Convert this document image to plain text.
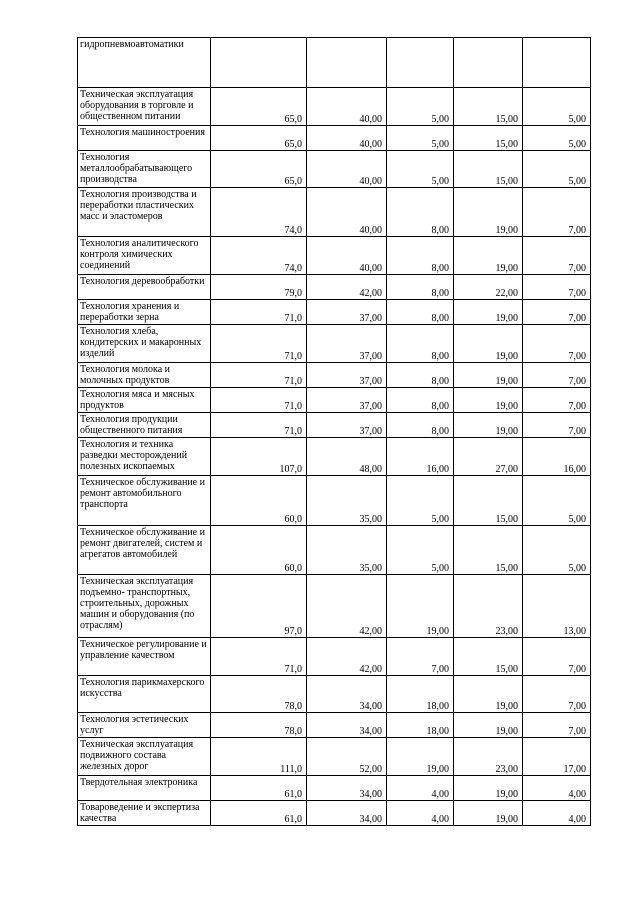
гидропневмоавтоматики					
Техническая эксплуатация оборудования в торговле и общественном питании	65,0	40,00	5,00	15,00	5,00
Технология машиностроения	65,0	40,00	5,00	15,00	5,00
Технология металлообрабатывающего производства	65,0	40,00	5,00	15,00	5,00
Технология производства и переработки пластических масс и эластомеров	74,0	40,00	8,00	19,00	7,00
Технология аналитического контроля химических соединений	74,0	40,00	8,00	19,00	7,00
Технология деревообработки	79,0	42,00	8,00	22,00	7,00
Технология хранения и переработки зерна	71,0	37,00	8,00	19,00	7,00
Технология хлеба, кондитерских и макаронных изделий	71,0	37,00	8,00	19,00	7,00
Технология молока и молочных продуктов	71,0	37,00	8,00	19,00	7,00
Технология мяса и мясных продуктов	71,0	37,00	8,00	19,00	7,00
Технология продукции общественного питания	71,0	37,00	8,00	19,00	7,00
Технология и техника разведки месторождений полезных ископаемых	107,0	48,00	16,00	27,00	16,00
Техническое обслуживание и ремонт автомобильного транспорта	60,0	35,00	5,00	15,00	5,00
Техническое обслуживание и ремонт двигателей, систем и агрегатов автомобилей	60,0	35,00	5,00	15,00	5,00
Техническая эксплуатация подъемно- транспортных, строительных, дорожных машин и оборудования (по отраслям)	97,0	42,00	19,00	23,00	13,00
Техническое регулирование и управление качеством	71,0	42,00	7,00	15,00	7,00
Технология парикмахерского искусства	78,0	34,00	18,00	19,00	7,00
Технология эстетических услуг	78,0	34,00	18,00	19,00	7,00
Техническая эксплуатация подвижного состава железных дорог	111,0	52,00	19,00	23,00	17,00
Твердотельная электроника	61,0	34,00	4,00	19,00	4,00
Товароведение и экспертиза качества	61,0	34,00	4,00	19,00	4,00
